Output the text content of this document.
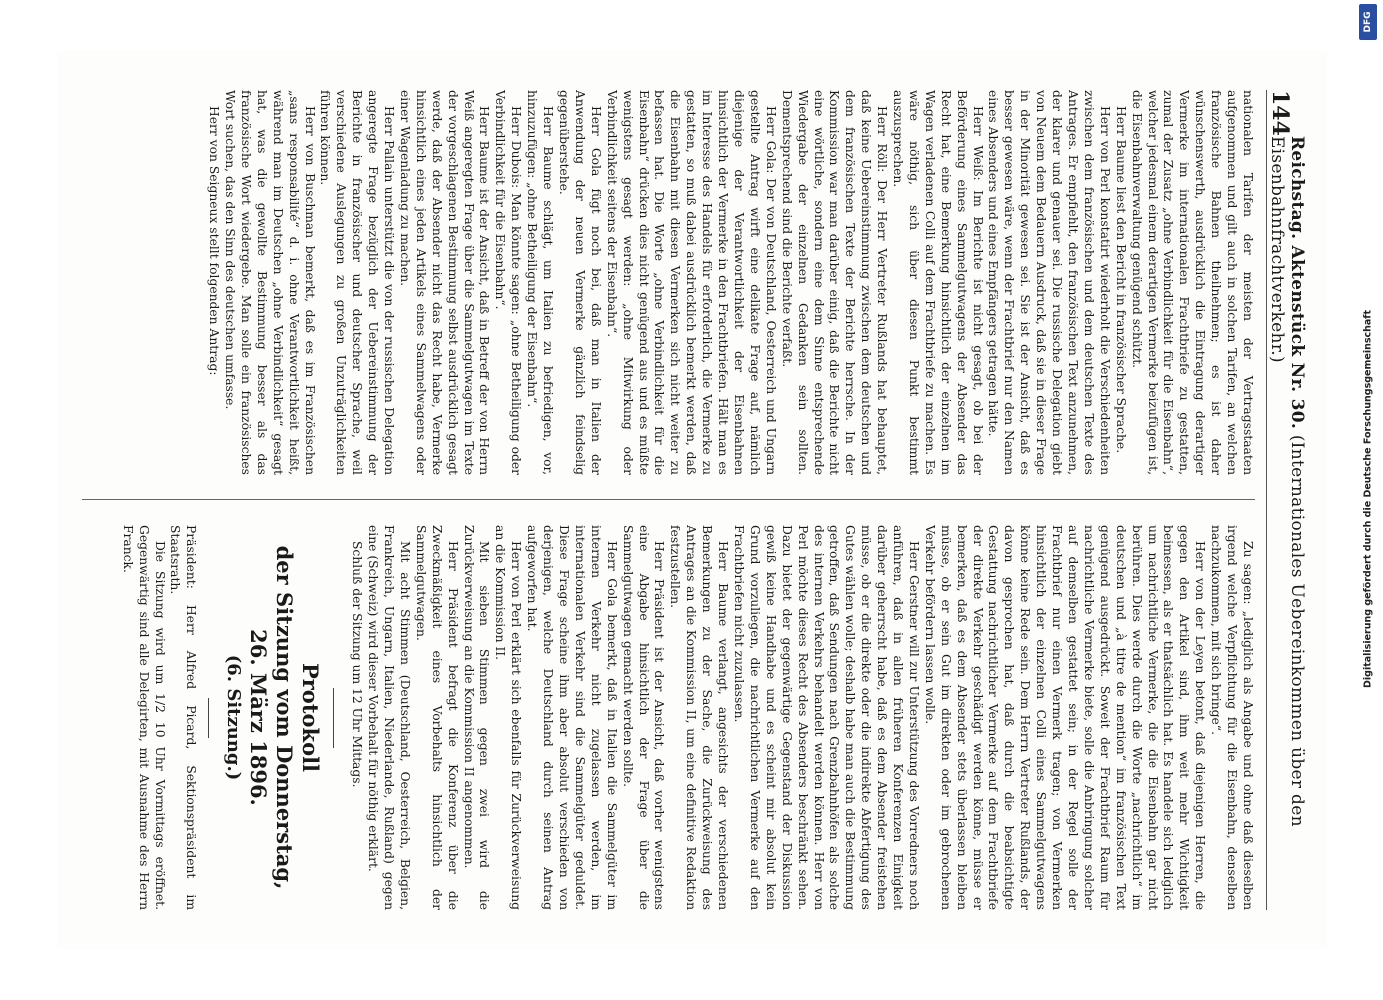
144
Reichstag. Aktenstück Nr. 30. (Internationales Uebereinkommen über den Eisenbahnfrachtverkehr.)

nationalen Tarifen der meisten der Vertragsstaaten aufgenommen und gilt auch in solchen Tarifen, an welchen französische Bahnen theilnehmen; es ist daher wünschenswerth, ausdrücklich die Eintragung derartiger Vermerke im internationalen Frachtbriefe zu gestatten, zumal der Zusatz „ohne Verbindlichkeit für die Eisenbahn“, welcher jedesmal einem derartigen Vermerke beizufügen ist, die Eisenbahnverwaltung genügend schützt.

Herr Baume liest den Bericht in französischer Sprache.

Herr von Perl konstatirt wiederholt die Verschiedenheiten zwischen dem französischen und dem deutschen Texte des Antrages. Er empfiehlt, den französischen Text anzunehmen, der klarer und genauer sei. Die russische Delegation giebt von Neuem dem Bedauern Ausdruck, daß sie in dieser Frage in der Minorität gewesen sei. Sie ist der Ansicht, daß es besser gewesen wäre, wenn der Frachtbrief nur den Namen eines Absenders und eines Empfängers getragen hätte.

Herr Weiß: Im Berichte ist nicht gesagt, ob bei der Beförderung eines Sammelgutwagens der Absender das Recht hat, eine Bemerkung hinsichtlich der einzelnen im Wagen verladenen Colli auf dem Frachtbriefe zu machen. Es wäre nöthig, sich über diesen Punkt bestimmt auszusprechen.

Herr Röll: Der Herr Vertreter Rußlands hat behauptet, daß keine Uebereinstimmung zwischen dem deutschen und dem französischen Texte der Berichte herrsche. In der Kommission war man darüber einig, daß die Berichte nicht eine wörtliche, sondern eine dem Sinne entsprechende Wiedergabe der einzelnen Gedanken sein sollten. Dementsprechend sind die Berichte verfaßt.

Herr Gola: Der von Deutschland, Oesterreich und Ungarn gestellte Antrag wirft eine delikate Frage auf, nämlich diejenige der Verantwortlichkeit der Eisenbahnen hinsichtlich der Vermerke in den Frachtbriefen. Hält man es im Interesse des Handels für erforderlich, die Vermerke zu gestatten, so muß dabei ausdrücklich bemerkt werden, daß die Eisenbahn mit diesen Vermerken sich nicht weiter zu befassen hat. Die Worte „ohne Verbindlichkeit für die Eisenbahn“ drücken dies nicht genügend aus und es müßte wenigstens gesagt werden: „ohne Mitwirkung oder Verbindlichkeit seitens der Eisenbahn“.

Herr Gola fügt noch bei, daß man in Italien der Anwendung der neuen Vermerke gänzlich feindselig gegenüberstehe.

Herr Baume schlägt, um Italien zu befriedigen, vor, hinzuzufügen: „ohne Betheiligung der Eisenbahn“.

Herr Dubois: Man könnte sagen: „ohne Betheiligung oder Verbindlichkeit für die Eisenbahn“.

Herr Baume ist der Ansicht, daß in Betreff der von Herrn Weiß angeregten Frage über die Sammelgutwagen im Texte der vorgeschlagenen Bestimmung selbst ausdrücklich gesagt werde, daß der Absender nicht das Recht habe, Vermerke hinsichtlich eines jeden Artikels eines Sammelwagens oder einer Wagenladung zu machen.

Herr Pallain unterstützt die von der russischen Delegation angeregte Frage bezüglich der Uebereinstimmung der Berichte in französischer und deutscher Sprache, weil verschiedene Auslegungen zu großen Unzuträglichkeiten führen können.

Herr von Buschman bemerkt, daß es im Französischen „sans responsabilité“ d. i. ohne Verantwortlichkeit heißt, während man im Deutschen „ohne Verbindlichkeit“ gesagt hat, was die gewollte Bestimmung besser als das französische Wort wiedergebe. Man solle ein französisches Wort suchen, das den Sinn des deutschen umfasse.

Herr von Seigneux stellt folgenden Antrag:

Zu sagen: „lediglich als Angabe und ohne daß dieselben irgend welche Verpflichtung für die Eisenbahn, denselben nachzukommen, mit sich bringe“.

Herr von der Leyen betont, daß diejenigen Herren, die gegen den Artikel sind, ihm weit mehr Wichtigkeit beimessen, als er thatsächlich hat. Es handele sich lediglich um nachrichtliche Vermerke, die die Eisenbahn gar nicht berühren. Dies werde durch die Worte „nachrichtlich“ im deutschen und „à titre de mention“ im französischen Text genügend ausgedrückt. Soweit der Frachtbrief Raum für nachrichtliche Vermerke biete, solle die Anbringung solcher auf demselben gestattet sein; in der Regel solle der Frachtbrief nur einen Vermerk tragen; von Vermerken hinsichtlich der einzelnen Colli eines Sammelgutwagens könne keine Rede sein. Dem Herrn Vertreter Rußlands, der davon gesprochen hat, daß durch die beabsichtigte Gestattung nachrichtlicher Vermerke auf dem Frachtbriefe der direkte Verkehr geschädigt werden könne, müsse er bemerken, daß es dem Absender stets überlassen bleiben müsse, ob er sein Gut im direkten oder im gebrochenen Verkehr befördern lassen wolle.

Herr Gerstner will zur Unterstützung des Vorredners noch anführen, daß in allen früheren Konferenzen Einigkeit darüber geherrscht habe, daß es dem Absender freistehen müsse, ob er die direkte oder die indirekte Abfertigung des Gutes wählen wolle; deshalb habe man auch die Bestimmung getroffen, daß Sendungen nach Grenzbahnhöfen als solche des internen Verkehrs behandelt werden können. Herr von Perl möchte dieses Recht des Absenders beschränkt sehen. Dazu bietet der gegenwärtige Gegenstand der Diskussion gewiß keine Handhabe und es scheint mir absolut kein Grund vorzuliegen, die nachrichtlichen Vermerke auf den Frachtbriefen nicht zuzulassen.

Herr Baume verlangt, angesichts der verschiedenen Bemerkungen zu der Sache, die Zurückweisung des Antrages an die Kommission II, um eine definitive Redaktion festzustellen.

Herr Präsident ist der Ansicht, daß vorher wenigstens eine Abgabe hinsichtlich der Frage über die Sammelgutwagen gemacht werden sollte.

Herr Gola bemerkt, daß in Italien die Sammelgüter im internen Verkehr nicht zugelassen werden, im internationalen Verkehr sind die Sammelgüter geduldet. Diese Frage scheine ihm aber absolut verschieden von derjenigen, welche Deutschland durch seinen Antrag aufgeworfen hat.

Herr von Perl erklärt sich ebenfalls für Zurückverweisung an die Kommission II.

Mit sieben Stimmen gegen zwei wird die Zurückverweisung an die Kommission II angenommen.

Herr Präsident befragt die Konferenz über die Zweckmäßigkeit eines Vorbehalts hinsichtlich der Sammelgutwagen.

Mit acht Stimmen (Deutschland, Oesterreich, Belgien, Frankreich, Ungarn, Italien, Niederlande, Rußland) gegen eine (Schweiz) wird dieser Vorbehalt für nöthig erklärt.

Schluß der Sitzung um 12 Uhr Mittags.

Protokoll
der Sitzung vom Donnerstag, 26. März 1896.
(6. Sitzung.)

Präsident: Herr Alfred Picard, Sektionspräsident im Staatsrath.

Die Sitzung wird um 1/2 10 Uhr Vormittags eröffnet. Gegenwärtig sind alle Delegirten, mit Ausnahme des Herrn Franck.

DFG
Digitalisierung gefördert durch die Deutsche Forschungsgemeinschaft
